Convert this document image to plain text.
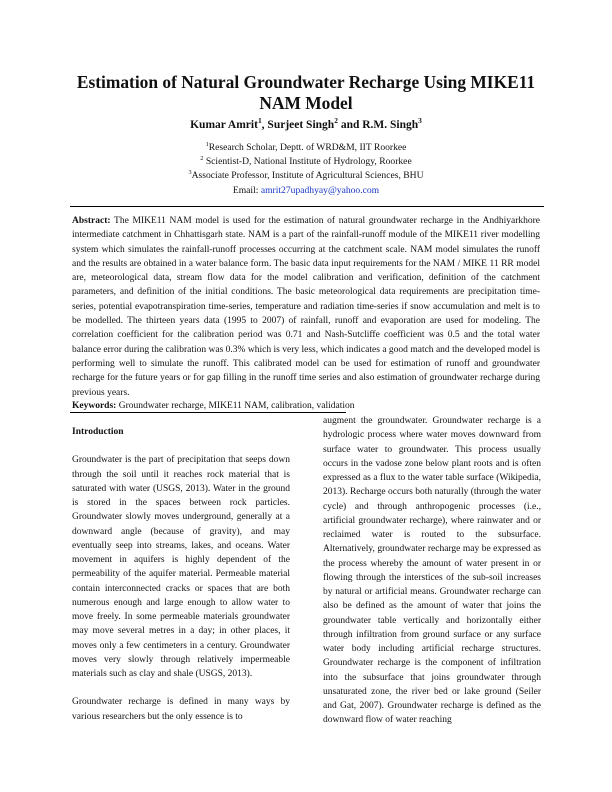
Estimation of Natural Groundwater Recharge Using MIKE11 NAM Model
Kumar Amrit$^1$, Surjeet Singh$^2$ and R.M. Singh$^3$
$^1$Research Scholar, Deptt. of WRD&M, IIT Roorkee
$^2$ Scientist-D, National Institute of Hydrology, Roorkee
$^3$Associate Professor, Institute of Agricultural Sciences, BHU
Email: amrit27upadhyay@yahoo.com
Abstract: The MIKE11 NAM model is used for the estimation of natural groundwater recharge in the Andhiyarkhore intermediate catchment in Chhattisgarh state. NAM is a part of the rainfall-runoff module of the MIKE11 river modelling system which simulates the rainfall-runoff processes occurring at the catchment scale. NAM model simulates the runoff and the results are obtained in a water balance form. The basic data input requirements for the NAM / MIKE 11 RR model are, meteorological data, stream flow data for the model calibration and verification, definition of the catchment parameters, and definition of the initial conditions. The basic meteorological data requirements are precipitation time-series, potential evapotranspiration time-series, temperature and radiation time-series if snow accumulation and melt is to be modelled. The thirteen years data (1995 to 2007) of rainfall, runoff and evaporation are used for modeling. The correlation coefficient for the calibration period was 0.71 and Nash-Sutcliffe coefficient was 0.5 and the total water balance error during the calibration was 0.3% which is very less, which indicates a good match and the developed model is performing well to simulate the runoff. This calibrated model can be used for estimation of runoff and groundwater recharge for the future years or for gap filling in the runoff time series and also estimation of groundwater recharge during previous years.
Keywords: Groundwater recharge, MIKE11 NAM, calibration, validation

Introduction

Groundwater is the part of precipitation that seeps down through the soil until it reaches rock material that is saturated with water (USGS, 2013). Water in the ground is stored in the spaces between rock particles. Groundwater slowly moves underground, generally at a downward angle (because of gravity), and may eventually seep into streams, lakes, and oceans. Water movement in aquifers is highly dependent of the permeability of the aquifer material. Permeable material contain interconnected cracks or spaces that are both numerous enough and large enough to allow water to move freely. In some permeable materials groundwater may move several metres in a day; in other places, it moves only a few centimeters in a century. Groundwater moves very slowly through relatively impermeable materials such as clay and shale (USGS, 2013).

Groundwater recharge is defined in many ways by various researchers but the only essence is to

augment the groundwater. Groundwater recharge is a hydrologic process where water moves downward from surface water to groundwater. This process usually occurs in the vadose zone below plant roots and is often expressed as a flux to the water table surface (Wikipedia, 2013). Recharge occurs both naturally (through the water cycle) and through anthropogenic processes (i.e., artificial groundwater recharge), where rainwater and or reclaimed water is routed to the subsurface. Alternatively, groundwater recharge may be expressed as the process whereby the amount of water present in or flowing through the interstices of the sub-soil increases by natural or artificial means. Groundwater recharge can also be defined as the amount of water that joins the groundwater table vertically and horizontally either through infiltration from ground surface or any surface water body including artificial recharge structures. Groundwater recharge is the component of infiltration into the subsurface that joins groundwater through unsaturated zone, the river bed or lake ground (Seiler and Gat, 2007). Groundwater recharge is defined as the downward flow of water reaching
